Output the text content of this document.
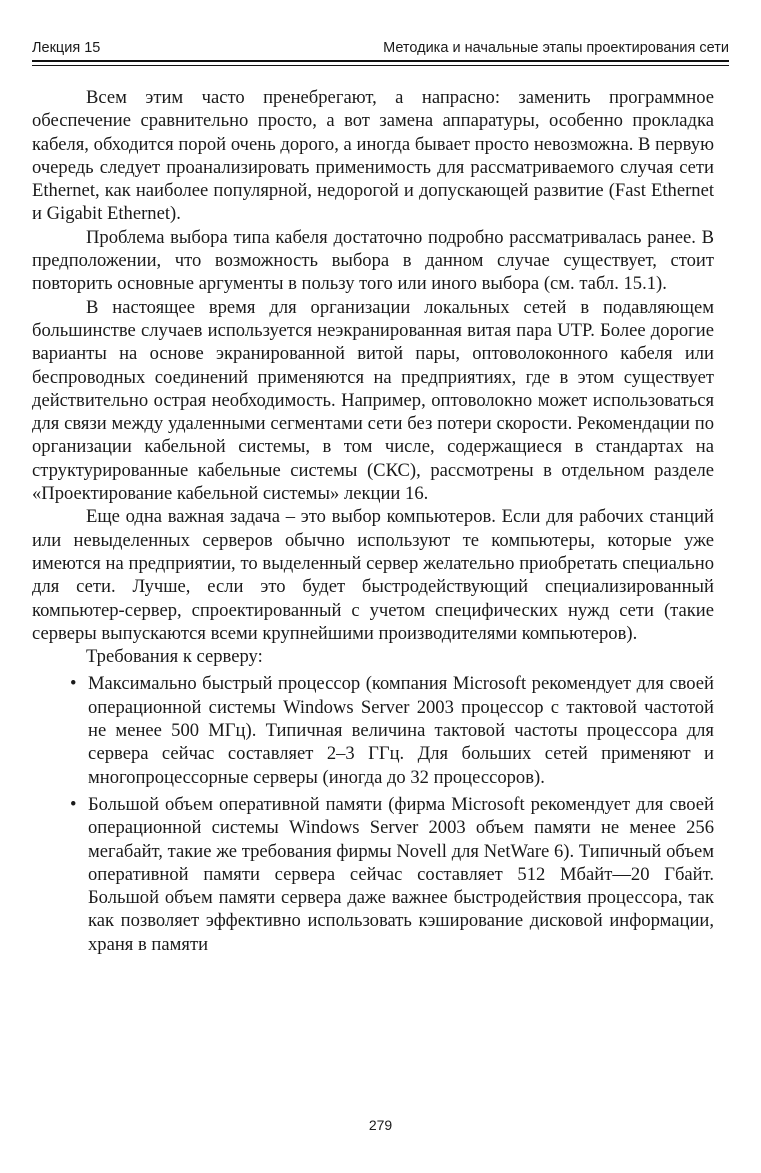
Лекция 15	Методика и начальные этапы проектирования сети

Всем этим часто пренебрегают, а напрасно: заменить программное обеспечение сравнительно просто, а вот замена аппаратуры, особенно прокладка кабеля, обходится порой очень дорого, а иногда бывает просто невозможна. В первую очередь следует проанализировать применимость для рассматриваемого случая сети Ethernet, как наиболее популярной, недорогой и допускающей развитие (Fast Ethernet и Gigabit Ethernet).

Проблема выбора типа кабеля достаточно подробно рассматривалась ранее. В предположении, что возможность выбора в данном случае существует, стоит повторить основные аргументы в пользу того или иного выбора (см. табл. 15.1).

В настоящее время для организации локальных сетей в подавляющем большинстве случаев используется неэкранированная витая пара UTP. Более дорогие варианты на основе экранированной витой пары, оптоволоконного кабеля или беспроводных соединений применяются на предприятиях, где в этом существует действительно острая необходимость. Например, оптоволокно может использоваться для связи между удаленными сегментами сети без потери скорости. Рекомендации по организации кабельной системы, в том числе, содержащиеся в стандартах на структурированные кабельные системы (СКС), рассмотрены в отдельном разделе «Проектирование кабельной системы» лекции 16.

Еще одна важная задача – это выбор компьютеров. Если для рабочих станций или невыделенных серверов обычно используют те компьютеры, которые уже имеются на предприятии, то выделенный сервер желательно приобретать специально для сети. Лучше, если это будет быстродействующий специализированный компьютер-сервер, спроектированный с учетом специфических нужд сети (такие серверы выпускаются всеми крупнейшими производителями компьютеров).

Требования к серверу:

• Максимально быстрый процессор (компания Microsoft рекомендует для своей операционной системы Windows Server 2003 процессор с тактовой частотой не менее 500 МГц). Типичная величина тактовой частоты процессора для сервера сейчас составляет 2–3 ГГц. Для больших сетей применяют и многопроцессорные серверы (иногда до 32 процессоров).
• Большой объем оперативной памяти (фирма Microsoft рекомендует для своей операционной системы Windows Server 2003 объем памяти не менее 256 мегабайт, такие же требования фирмы Novell для NetWare 6). Типичный объем оперативной памяти сервера сейчас составляет 512 Мбайт—20 Гбайт. Большой объем памяти сервера даже важнее быстродействия процессора, так как позволяет эффективно использовать кэширование дисковой информации, храня в памяти
279
